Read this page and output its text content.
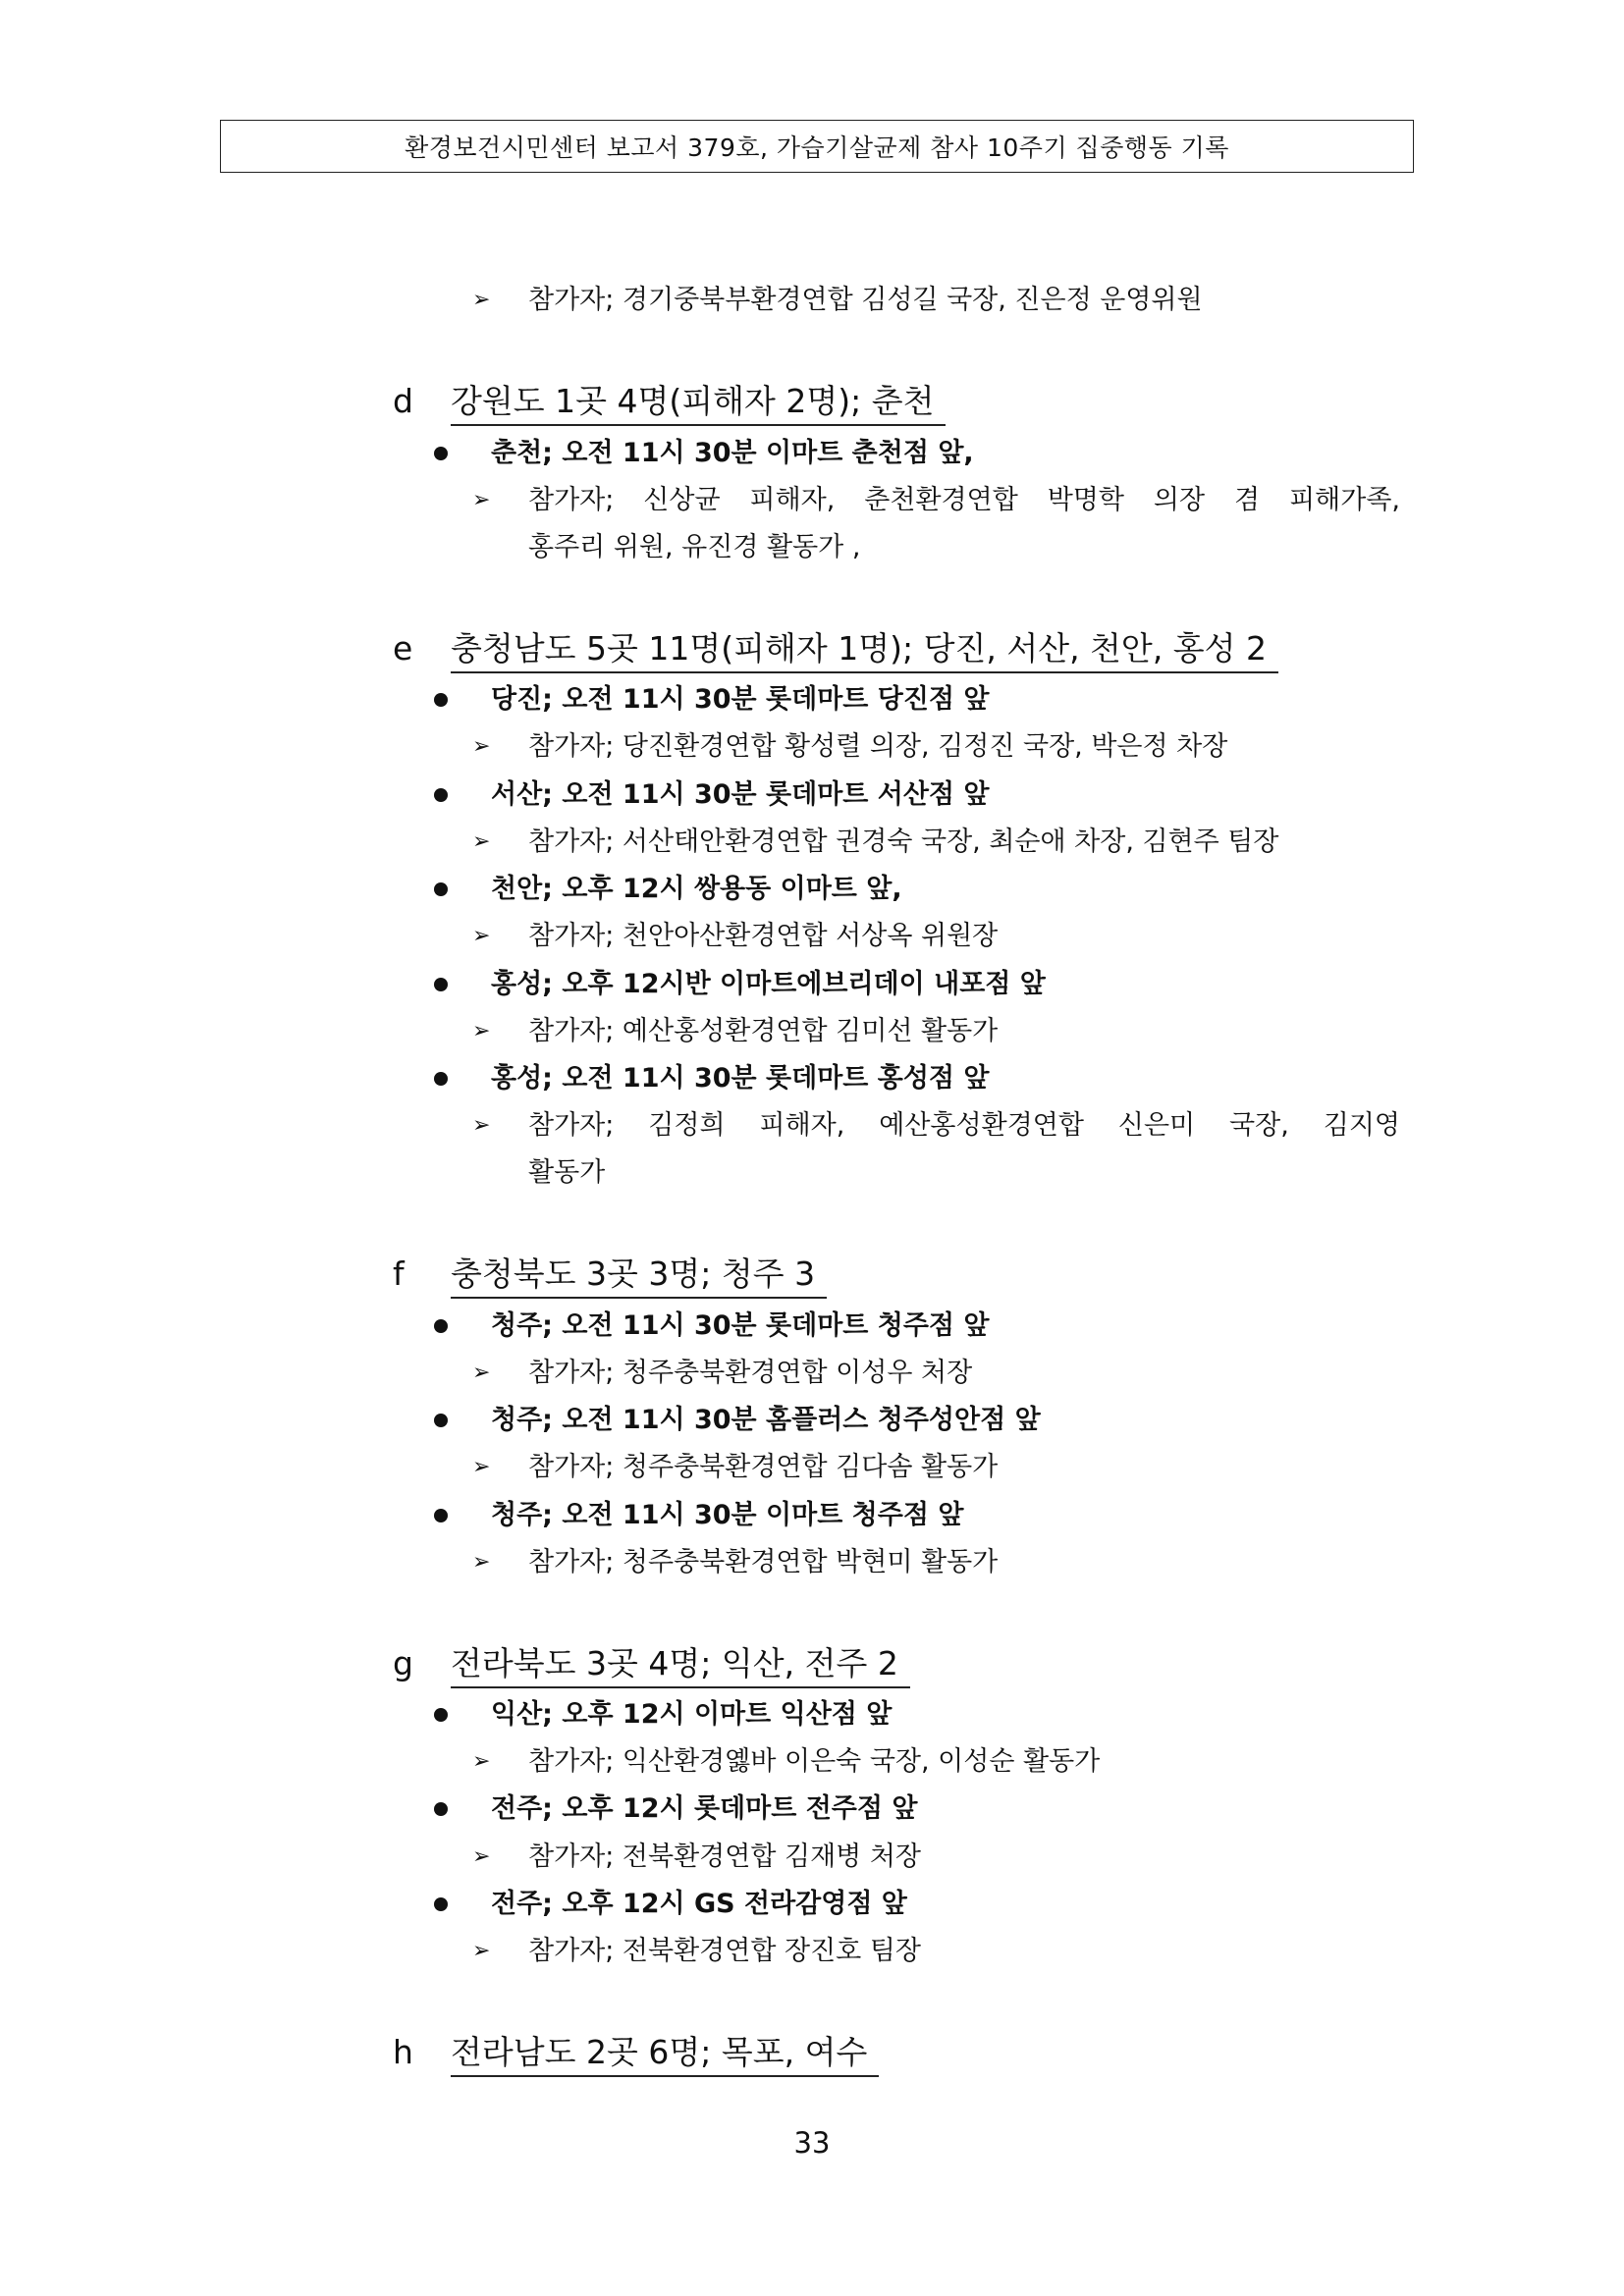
환경보건시민센터 보고서 379호, 가습기살균제 참사 10주기 집중행동 기록
➢ 참가자; 경기중북부환경연합 김성길 국장, 진은정 운영위원
d 강원도 1곳 4명(피해자 2명); 춘천
춘천; 오전 11시 30분 이마트 춘천점 앞,
➢ 참가자; 신상균 피해자, 춘천환경연합 박명학 의장 겸 피해가족,
홍주리 위원, 유진경 활동가 ,
e 충청남도 5곳 11명(피해자 1명); 당진, 서산, 천안, 홍성 2
당진; 오전 11시 30분 롯데마트 당진점 앞
➢ 참가자; 당진환경연합 황성렬 의장, 김정진 국장, 박은정 차장
서산; 오전 11시 30분 롯데마트 서산점 앞
➢ 참가자; 서산태안환경연합 권경숙 국장, 최순애 차장, 김현주 팀장
천안; 오후 12시 쌍용동 이마트 앞,
➢ 참가자; 천안아산환경연합 서상옥 위원장
홍성; 오후 12시반 이마트에브리데이 내포점 앞
➢ 참가자; 예산홍성환경연합 김미선 활동가
홍성; 오전 11시 30분 롯데마트 홍성점 앞
➢ 참가자; 김정희 피해자, 예산홍성환경연합 신은미 국장, 김지영
활동가
f 충청북도 3곳 3명; 청주 3
청주; 오전 11시 30분 롯데마트 청주점 앞
➢ 참가자; 청주충북환경연합 이성우 처장
청주; 오전 11시 30분 홈플러스 청주성안점 앞
➢ 참가자; 청주충북환경연합 김다솜 활동가
청주; 오전 11시 30분 이마트 청주점 앞
➢ 참가자; 청주충북환경연합 박현미 활동가
g 전라북도 3곳 4명; 익산, 전주 2
익산; 오후 12시 이마트 익산점 앞
➢ 참가자; 익산환경옗바 이은숙 국장, 이성순 활동가
전주; 오후 12시 롯데마트 전주점 앞
➢ 참가자; 전북환경연합 김재병 처장
전주; 오후 12시 GS 전라감영점 앞
➢ 참가자; 전북환경연합 장진호 팀장
h 전라남도 2곳 6명; 목포, 여수
33
